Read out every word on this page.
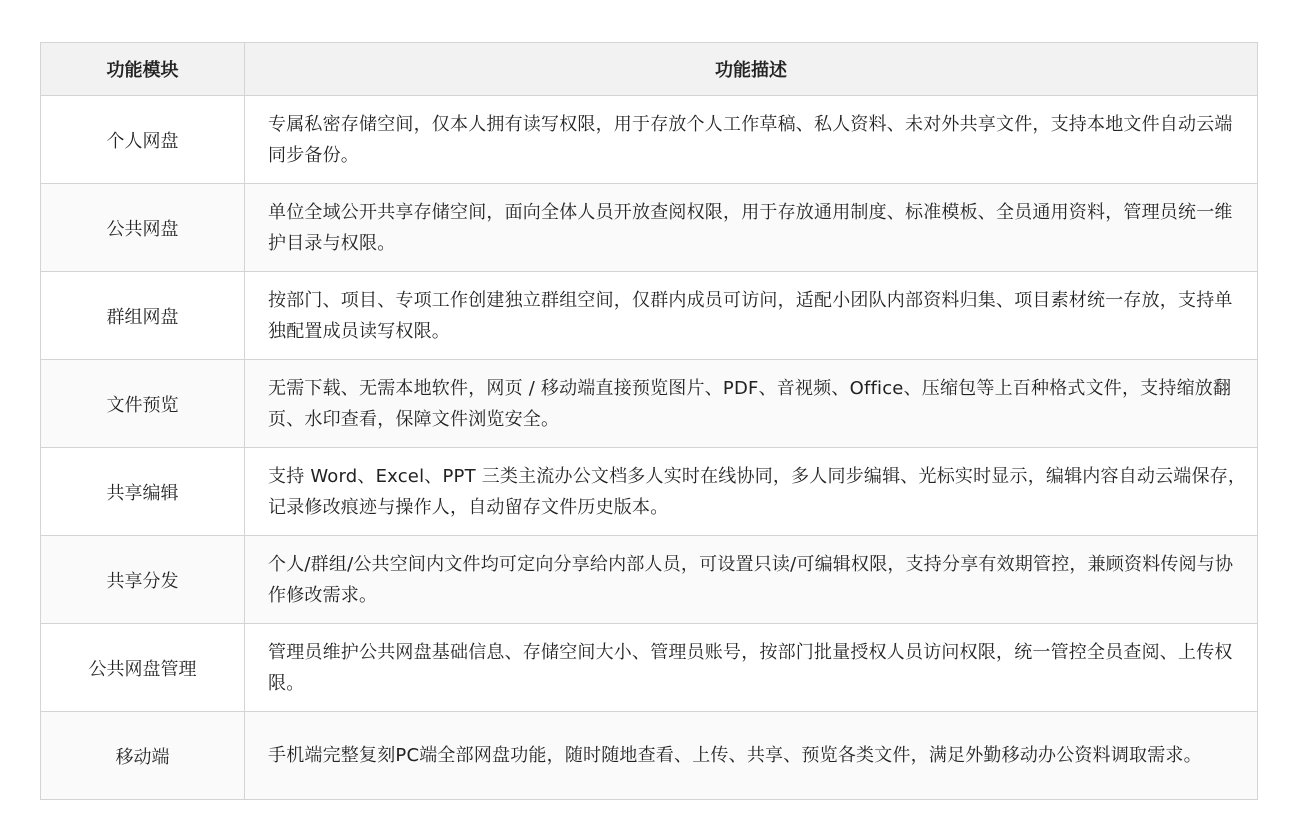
功能模块	功能描述
个人网盘	专属私密存储空间，仅本人拥有读写权限，用于存放个人工作草稿、私人资料、未对外共享文件，支持本地文件自动云端同步备份。
公共网盘	单位全域公开共享存储空间，面向全体人员开放查阅权限，用于存放通用制度、标准模板、全员通用资料，管理员统一维护目录与权限。
群组网盘	按部门、项目、专项工作创建独立群组空间，仅群内成员可访问，适配小团队内部资料归集、项目素材统一存放，支持单独配置成员读写权限。
文件预览	无需下载、无需本地软件，网页 / 移动端直接预览图片、PDF、音视频、Office、压缩包等上百种格式文件，支持缩放翻页、水印查看，保障文件浏览安全。
共享编辑	支持 Word、Excel、PPT 三类主流办公文档多人实时在线协同，多人同步编辑、光标实时显示，编辑内容自动云端保存，记录修改痕迹与操作人，自动留存文件历史版本。
共享分发	个人/群组/公共空间内文件均可定向分享给内部人员，可设置只读/可编辑权限，支持分享有效期管控，兼顾资料传阅与协作修改需求。
公共网盘管理	管理员维护公共网盘基础信息、存储空间大小、管理员账号，按部门批量授权人员访问权限，统一管控全员查阅、上传权限。
移动端	手机端完整复刻PC端全部网盘功能，随时随地查看、上传、共享、预览各类文件，满足外勤移动办公资料调取需求。
